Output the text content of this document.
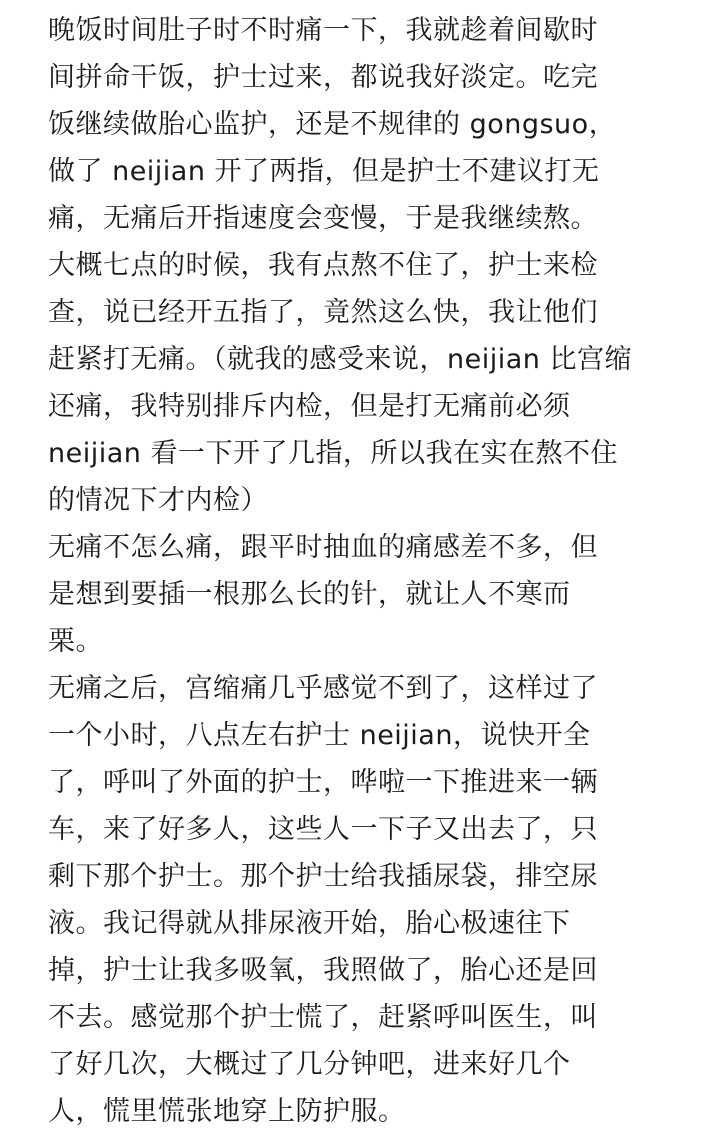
晚饭时间肚子时不时痛一下，我就趁着间歇时
间拼命干饭，护士过来，都说我好淡定。吃完
饭继续做胎心监护，还是不规律的 gongsuo，
做了 neijian 开了两指，但是护士不建议打无
痛，无痛后开指速度会变慢，于是我继续熬。
大概七点的时候，我有点熬不住了，护士来检
查，说已经开五指了，竟然这么快，我让他们
赶紧打无痛。（就我的感受来说，neijian 比宫缩
还痛，我特别排斥内检，但是打无痛前必须
neijian 看一下开了几指，所以我在实在熬不住
的情况下才内检）
无痛不怎么痛，跟平时抽血的痛感差不多，但
是想到要插一根那么长的针，就让人不寒而
栗。
无痛之后，宫缩痛几乎感觉不到了，这样过了
一个小时，八点左右护士 neijian，说快开全
了，呼叫了外面的护士，哗啦一下推进来一辆
车，来了好多人，这些人一下子又出去了，只
剩下那个护士。那个护士给我插尿袋，排空尿
液。我记得就从排尿液开始，胎心极速往下
掉，护士让我多吸氧，我照做了，胎心还是回
不去。感觉那个护士慌了，赶紧呼叫医生，叫
了好几次，大概过了几分钟吧，进来好几个
人，慌里慌张地穿上防护服。
